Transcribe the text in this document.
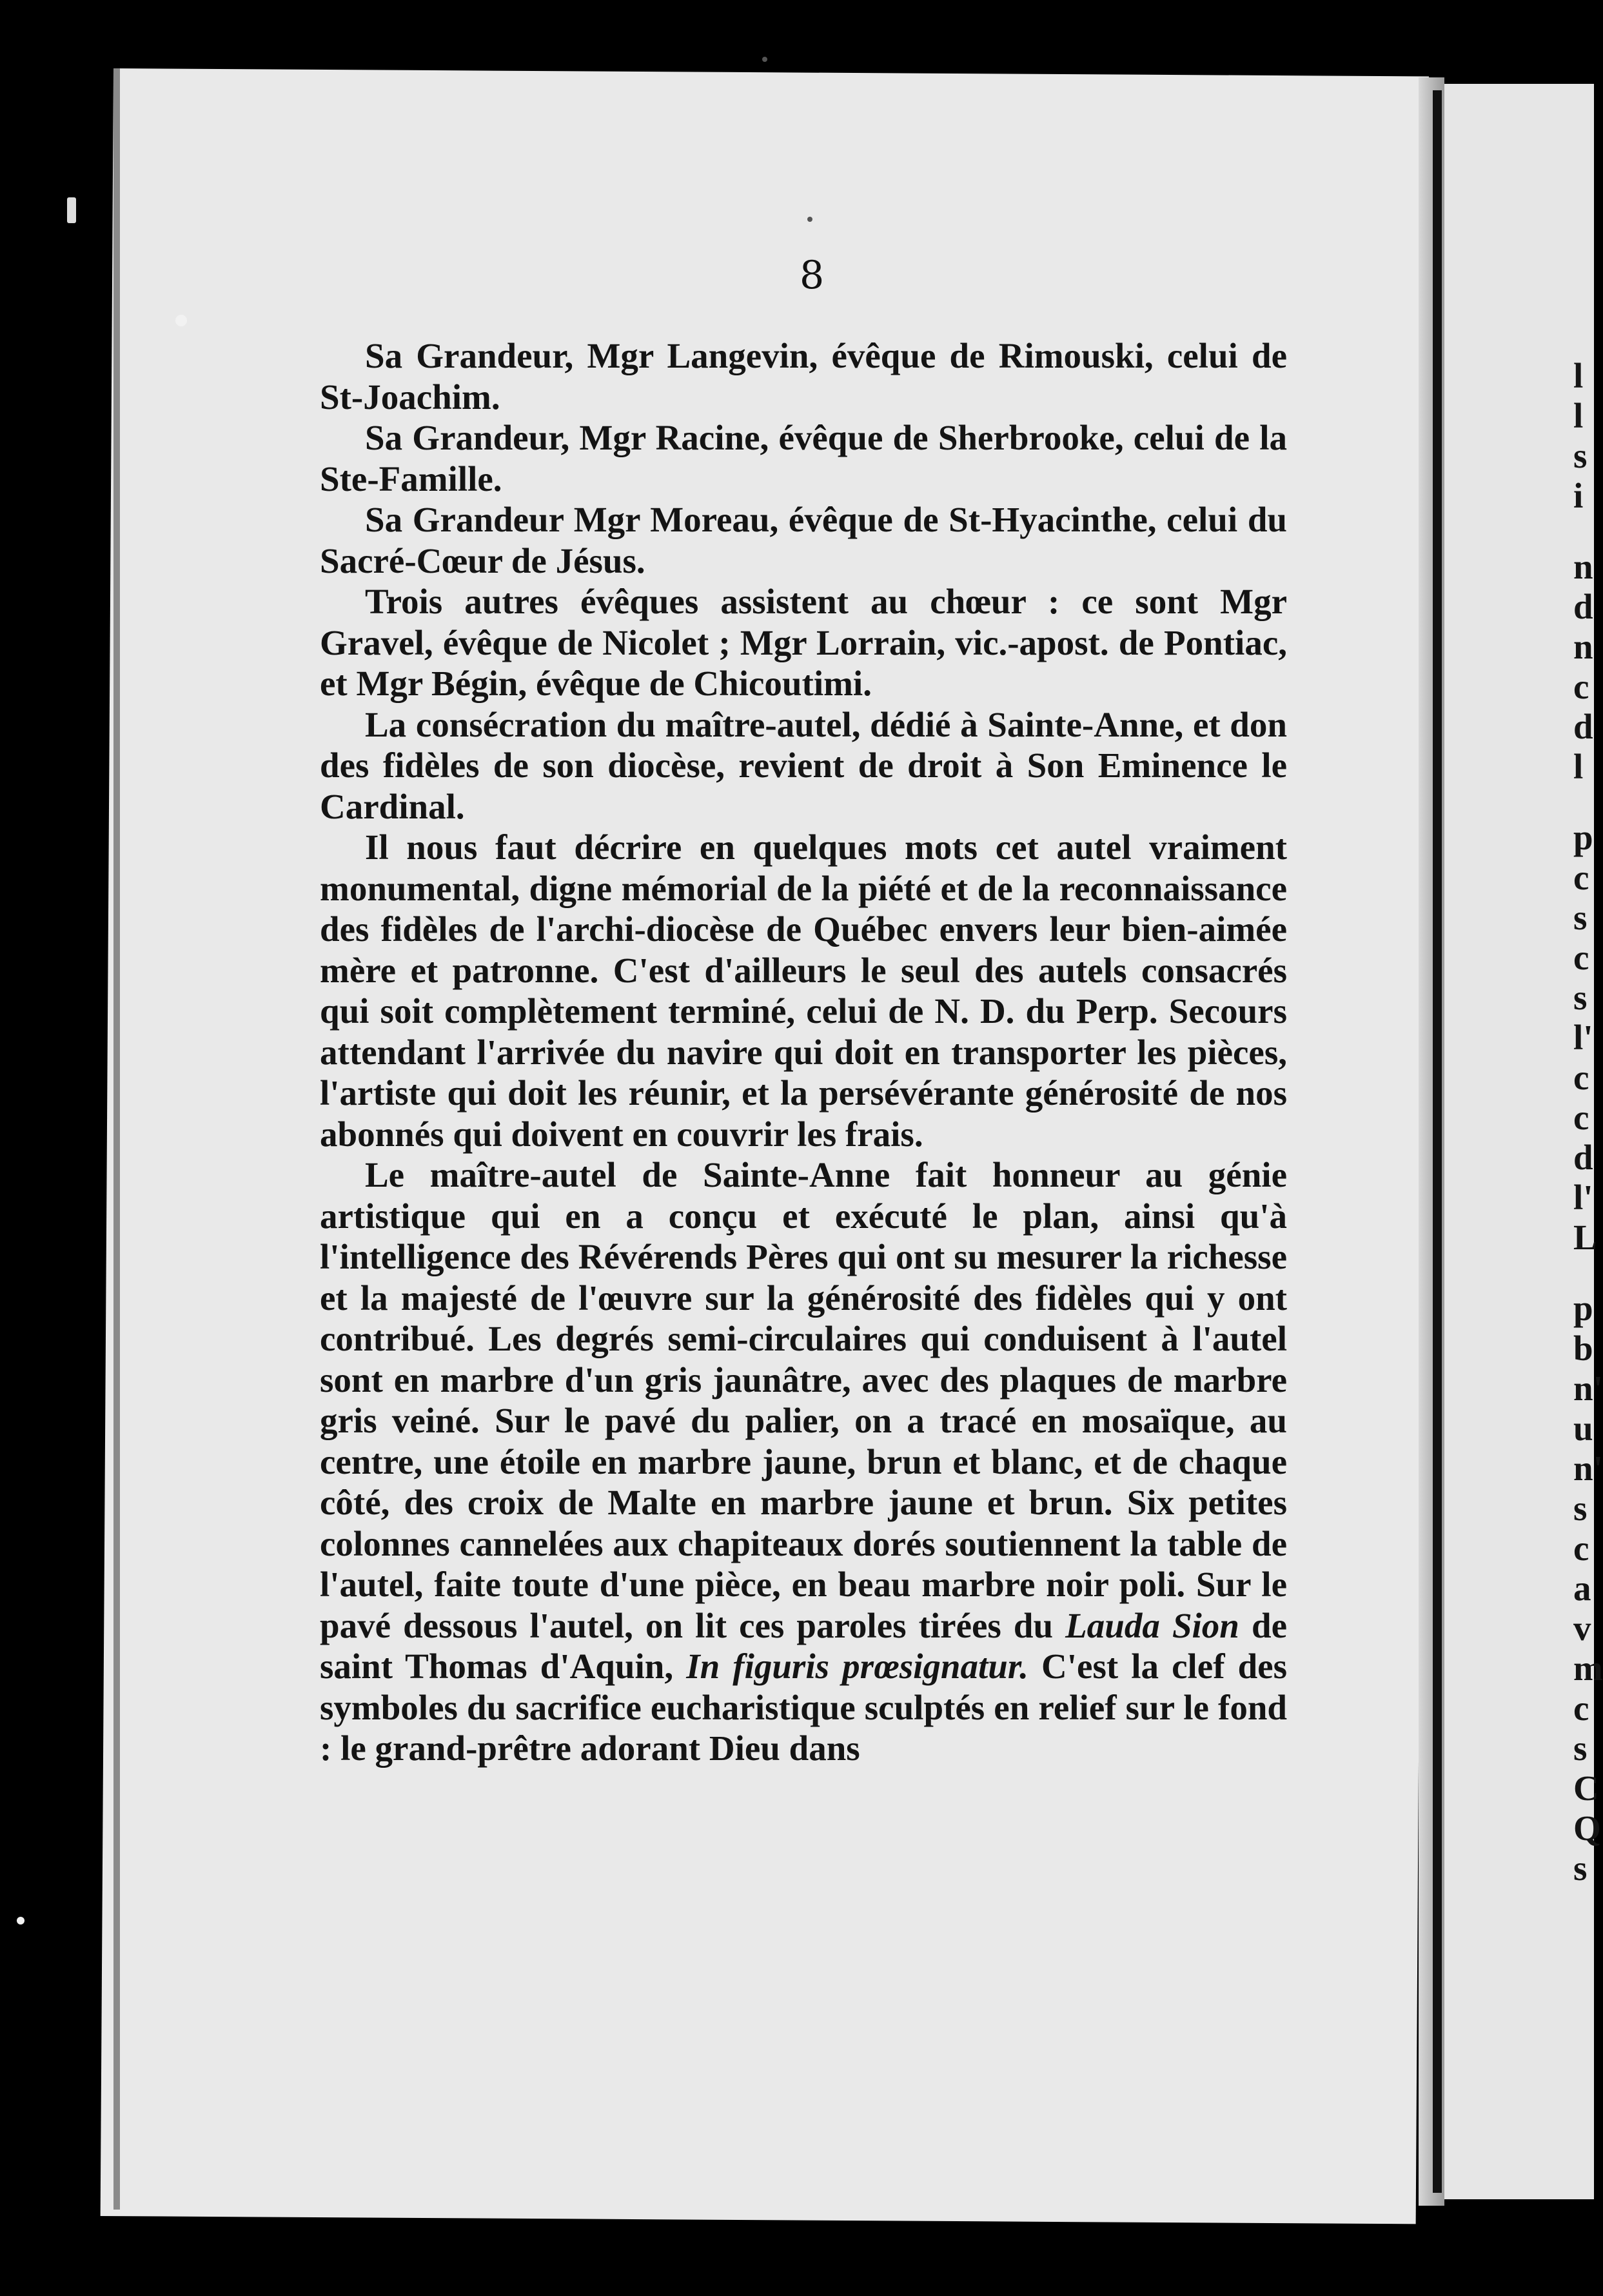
8

Sa Grandeur, Mgr Langevin, évêque de Rimouski, celui de St-Joachim.

Sa Grandeur, Mgr Racine, évêque de Sherbrooke, celui de la Ste-Famille.

Sa Grandeur Mgr Moreau, évêque de St-Hyacinthe, celui du Sacré-Cœur de Jésus.

Trois autres évêques assistent au chœur : ce sont Mgr Gravel, évêque de Nicolet ; Mgr Lorrain, vic.-apost. de Pontiac, et Mgr Bégin, évêque de Chicoutimi.

La consécration du maître-autel, dédié à Sainte-Anne, et don des fidèles de son diocèse, revient de droit à Son Eminence le Cardinal.

Il nous faut décrire en quelques mots cet autel vraiment monumental, digne mémorial de la piété et de la reconnaissance des fidèles de l'archi-diocèse de Québec envers leur bien-aimée mère et patronne. C'est d'ailleurs le seul des autels consacrés qui soit complètement terminé, celui de N. D. du Perp. Secours attendant l'arrivée du navire qui doit en transporter les pièces, l'artiste qui doit les réunir, et la persévérante générosité de nos abonnés qui doivent en couvrir les frais.

Le maître-autel de Sainte-Anne fait honneur au génie artistique qui en a conçu et exécuté le plan, ainsi qu'à l'intelligence des Révérends Pères qui ont su mesurer la richesse et la majesté de l'œuvre sur la générosité des fidèles qui y ont contribué. Les degrés semi-circulaires qui conduisent à l'autel sont en marbre d'un gris jaunâtre, avec des plaques de marbre gris veiné. Sur le pavé du palier, on a tracé en mosaïque, au centre, une étoile en marbre jaune, brun et blanc, et de chaque côté, des croix de Malte en marbre jaune et brun. Six petites colonnes cannelées aux chapiteaux dorés soutiennent la table de l'autel, faite toute d'une pièce, en beau marbre noir poli. Sur le pavé dessous l'autel, on lit ces paroles tirées du Lauda Sion de saint Thomas d'Aquin, In figuris prœsignatur. C'est la clef des symboles du sacrifice eucharistique sculptés en relief sur le fond : le grand-prêtre adorant Dieu dans

l
l
s
i
n
d
n
c
d
l
p
c
s
c
s
l'
c
c
d
l'
L
p
b
n'
u
n'
s
c
a
v
m
c
s
C
Q
s
